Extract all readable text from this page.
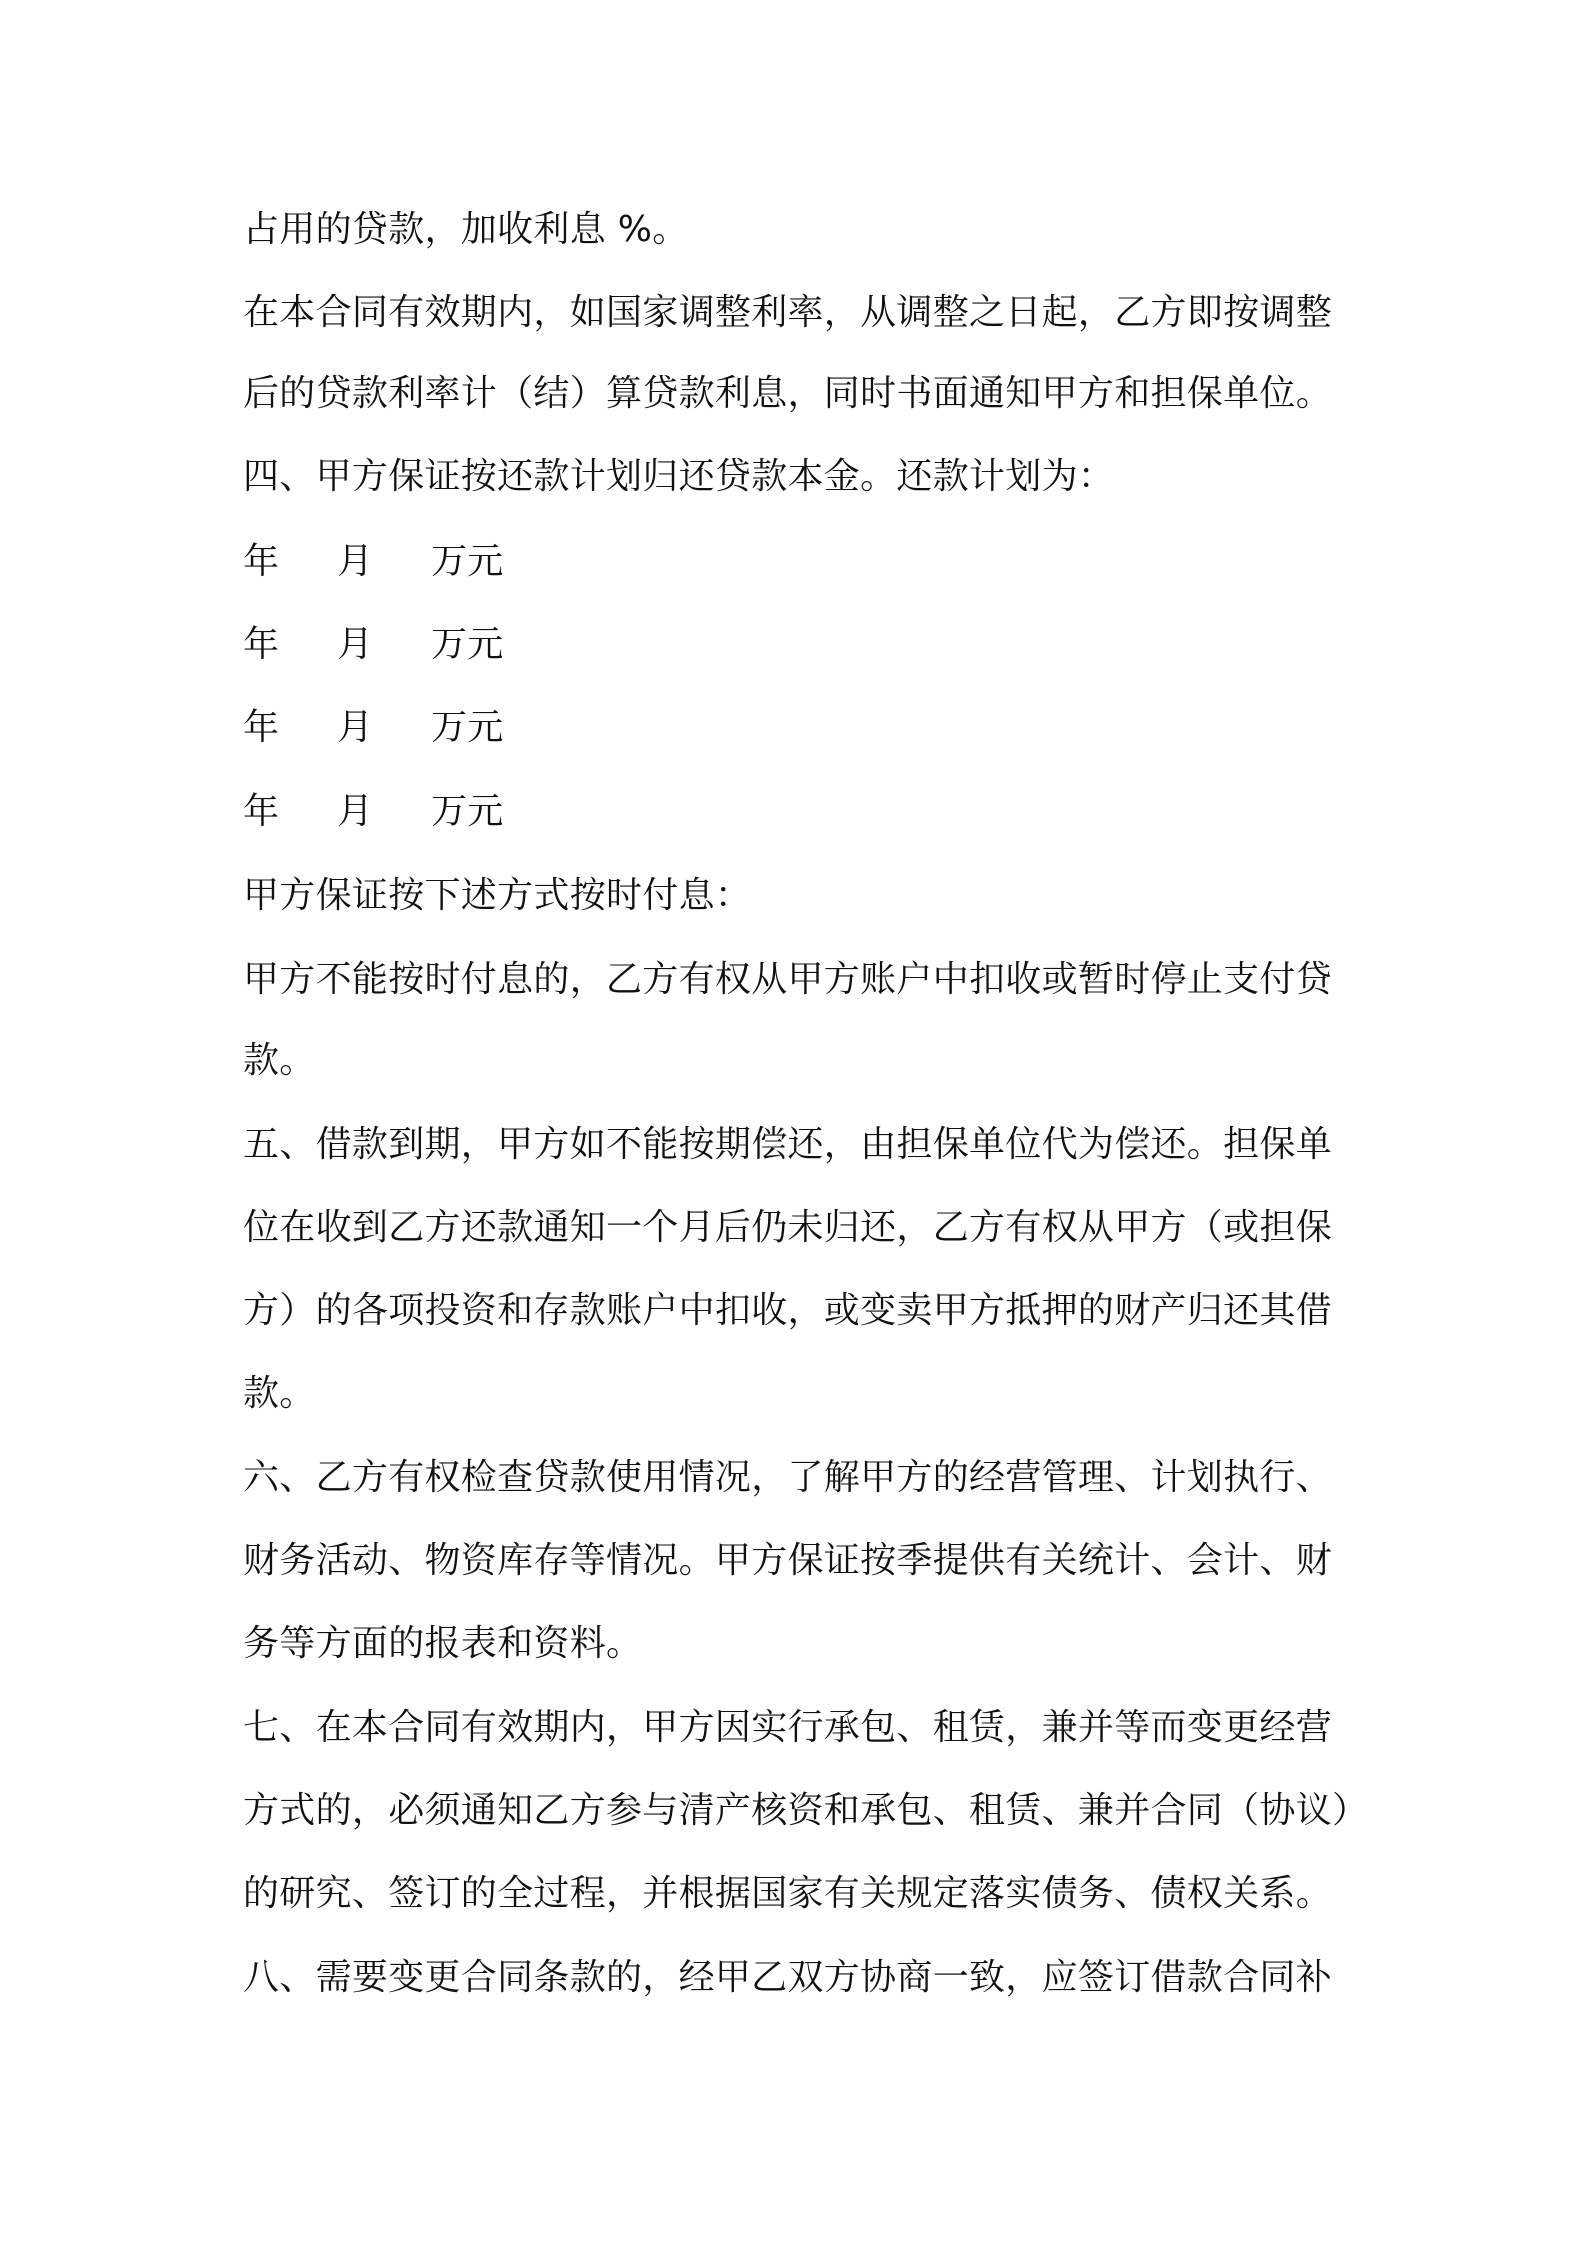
占用的贷款，加收利息 %。

在本合同有效期内，如国家调整利率，从调整之日起，乙方即按调整

后的贷款利率计（结）算贷款利息，同时书面通知甲方和担保单位。

四、甲方保证按还款计划归还贷款本金。还款计划为：

年 月 万元

年 月 万元

年 月 万元

年 月 万元

甲方保证按下述方式按时付息：

甲方不能按时付息的，乙方有权从甲方账户中扣收或暂时停止支付贷

款。

五、借款到期，甲方如不能按期偿还，由担保单位代为偿还。担保单

位在收到乙方还款通知一个月后仍未归还，乙方有权从甲方（或担保

方）的各项投资和存款账户中扣收，或变卖甲方抵押的财产归还其借

款。

六、乙方有权检查贷款使用情况，了解甲方的经营管理、计划执行、

财务活动、物资库存等情况。甲方保证按季提供有关统计、会计、财

务等方面的报表和资料。

七、在本合同有效期内，甲方因实行承包、租赁，兼并等而变更经营

方式的，必须通知乙方参与清产核资和承包、租赁、兼并合同（协议）

的研究、签订的全过程，并根据国家有关规定落实债务、债权关系。

八、需要变更合同条款的，经甲乙双方协商一致，应签订借款合同补
